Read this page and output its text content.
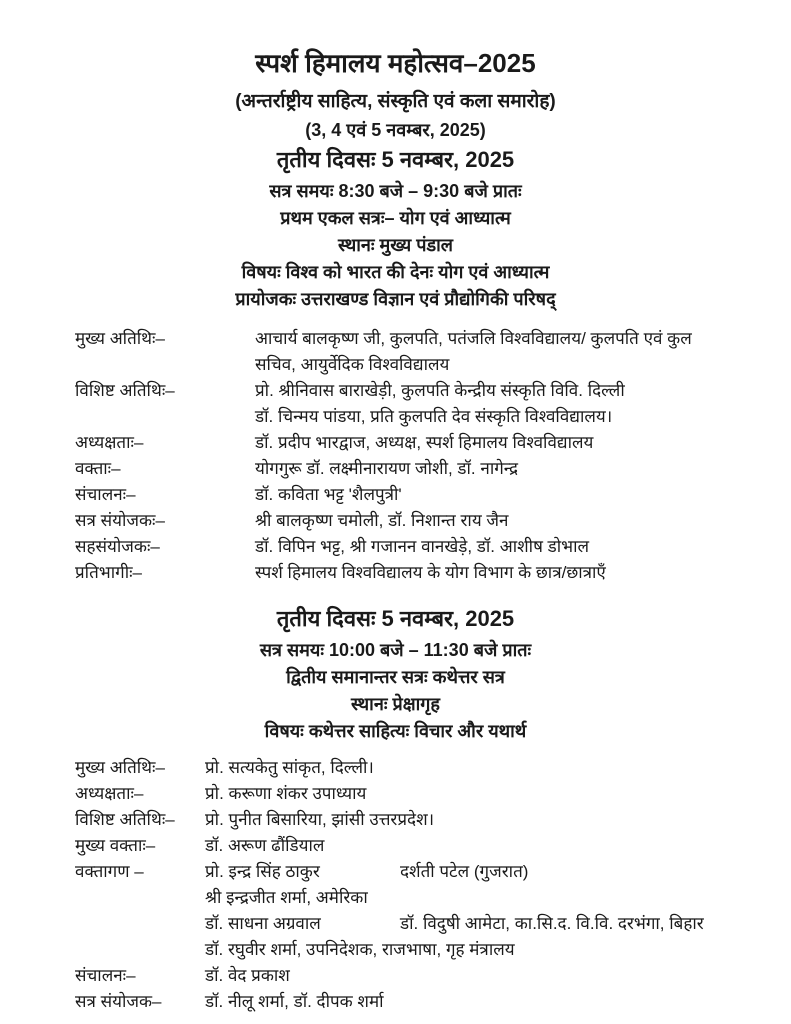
स्पर्श हिमालय महोत्सव–2025
(अन्तर्राष्ट्रीय साहित्य, संस्कृति एवं कला समारोह)
(3, 4 एवं 5 नवम्बर, 2025)
तृतीय दिवसः 5 नवम्बर, 2025
सत्र समयः 8:30 बजे – 9:30 बजे प्रातः
प्रथम एकल सत्रः– योग एवं आध्यात्म
स्थानः मुख्य पंडाल
विषयः विश्व को भारत की देनः योग एवं आध्यात्म
प्रायोजकः उत्तराखण्ड विज्ञान एवं प्रौद्योगिकी परिषद्
मुख्य अतिथिः–	आचार्य बालकृष्ण जी, कुलपति, पतंजलि विश्वविद्यालय/ कुलपति एवं कुल सचिव, आयुर्वेदिक विश्वविद्यालय
विशिष्ट अतिथिः–	प्रो. श्रीनिवास बाराखेड़ी, कुलपति केन्द्रीय संस्कृति विवि. दिल्ली
डॉ. चिन्मय पांडया, प्रति कुलपति देव संस्कृति विश्वविद्यालय।
अध्यक्षताः–	डॉ. प्रदीप भारद्वाज, अध्यक्ष, स्पर्श हिमालय विश्वविद्यालय
वक्ताः–	योगगुरू डॉ. लक्ष्मीनारायण जोशी, डॉ. नागेन्द्र
संचालनः–	डॉ. कविता भट्ट 'शैलपुत्री'
सत्र संयोजकः–	श्री बालकृष्ण चमोली, डॉ. निशान्त राय जैन
सहसंयोजकः–	डॉ. विपिन भट्ट, श्री गजानन वानखेड़े, डॉ. आशीष डोभाल
प्रतिभागीः–	स्पर्श हिमालय विश्वविद्यालय के योग विभाग के छात्र/छात्राएँ
तृतीय दिवसः 5 नवम्बर, 2025
सत्र समयः 10:00 बजे – 11:30 बजे प्रातः
द्वितीय समानान्तर सत्रः कथेत्तर सत्र
स्थानः प्रेक्षागृह
विषयः कथेत्तर साहित्यः विचार और यथार्थ
मुख्य अतिथिः–	प्रो. सत्यकेतु सांकृत, दिल्ली।
अध्यक्षताः–	प्रो. करूणा शंकर उपाध्याय
विशिष्ट अतिथिः–	प्रो. पुनीत बिसारिया, झांसी उत्तरप्रदेश।
मुख्य वक्ताः–	डॉ. अरूण ढौंडियाल
वक्तागण –	प्रो. इन्द्र सिंह ठाकुर	दर्शती पटेल (गुजरात)
श्री इन्द्रजीत शर्मा, अमेरिका
डॉ. साधना अग्रवाल	डॉ. विदुषी आमेटा, का.सि.द. वि.वि. दरभंगा, बिहार
डॉ. रघुवीर शर्मा, उपनिदेशक, राजभाषा, गृह मंत्रालय
संचालनः–	डॉ. वेद प्रकाश
सत्र संयोजक–	डॉ. नीलू शर्मा, डॉ. दीपक शर्मा
